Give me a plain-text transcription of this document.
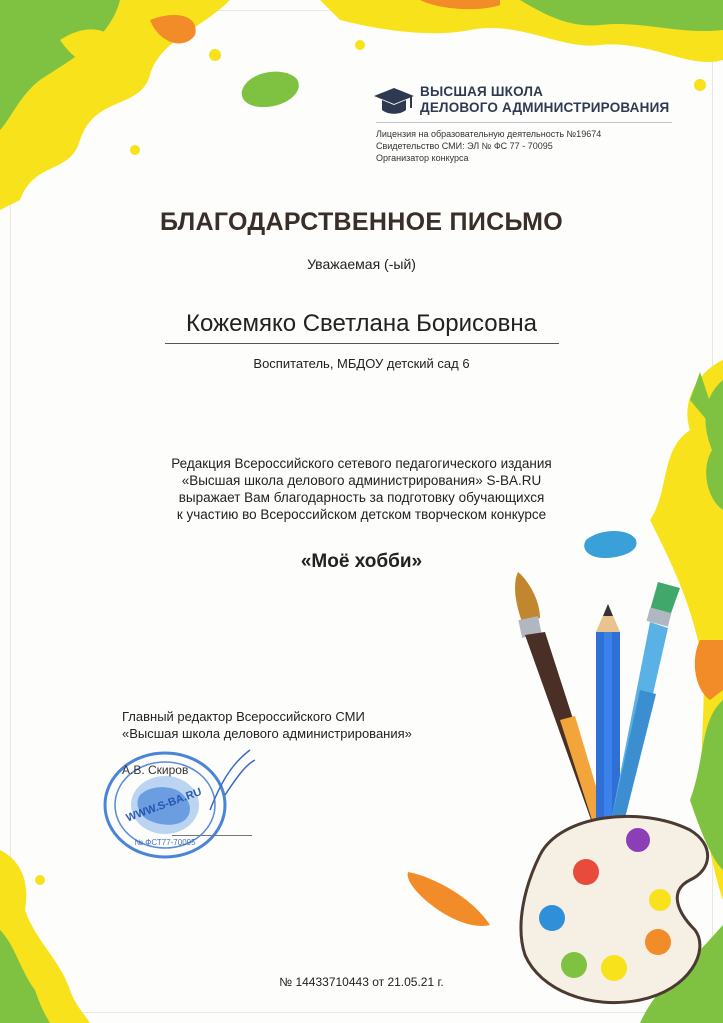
ВЫСШАЯ ШКОЛА
ДЕЛОВОГО АДМИНИСТРИРОВАНИЯ
Лицензия на образовательную деятельность №19674
Свидетельство СМИ: ЭЛ № ФС 77 - 70095
Организатор конкурса
БЛАГОДАРСТВЕННОЕ ПИСЬМО
Уважаемая (-ый)
Кожемяко Светлана Борисовна
Воспитатель, МБДОУ детский сад 6
Редакция Всероссийского сетевого педагогического издания
«Высшая школа делового администрирования» S-BA.RU
выражает Вам благодарность за подготовку обучающихся
к участию во Всероссийском детском творческом конкурсе
«Моё хобби»
Главный редактор Всероссийского СМИ
«Высшая школа делового администрирования»
WWW.S-BA.RU
№ ФСТ77-70095
А.В. Скиров
№ 14433710443 от 21.05.21 г.
